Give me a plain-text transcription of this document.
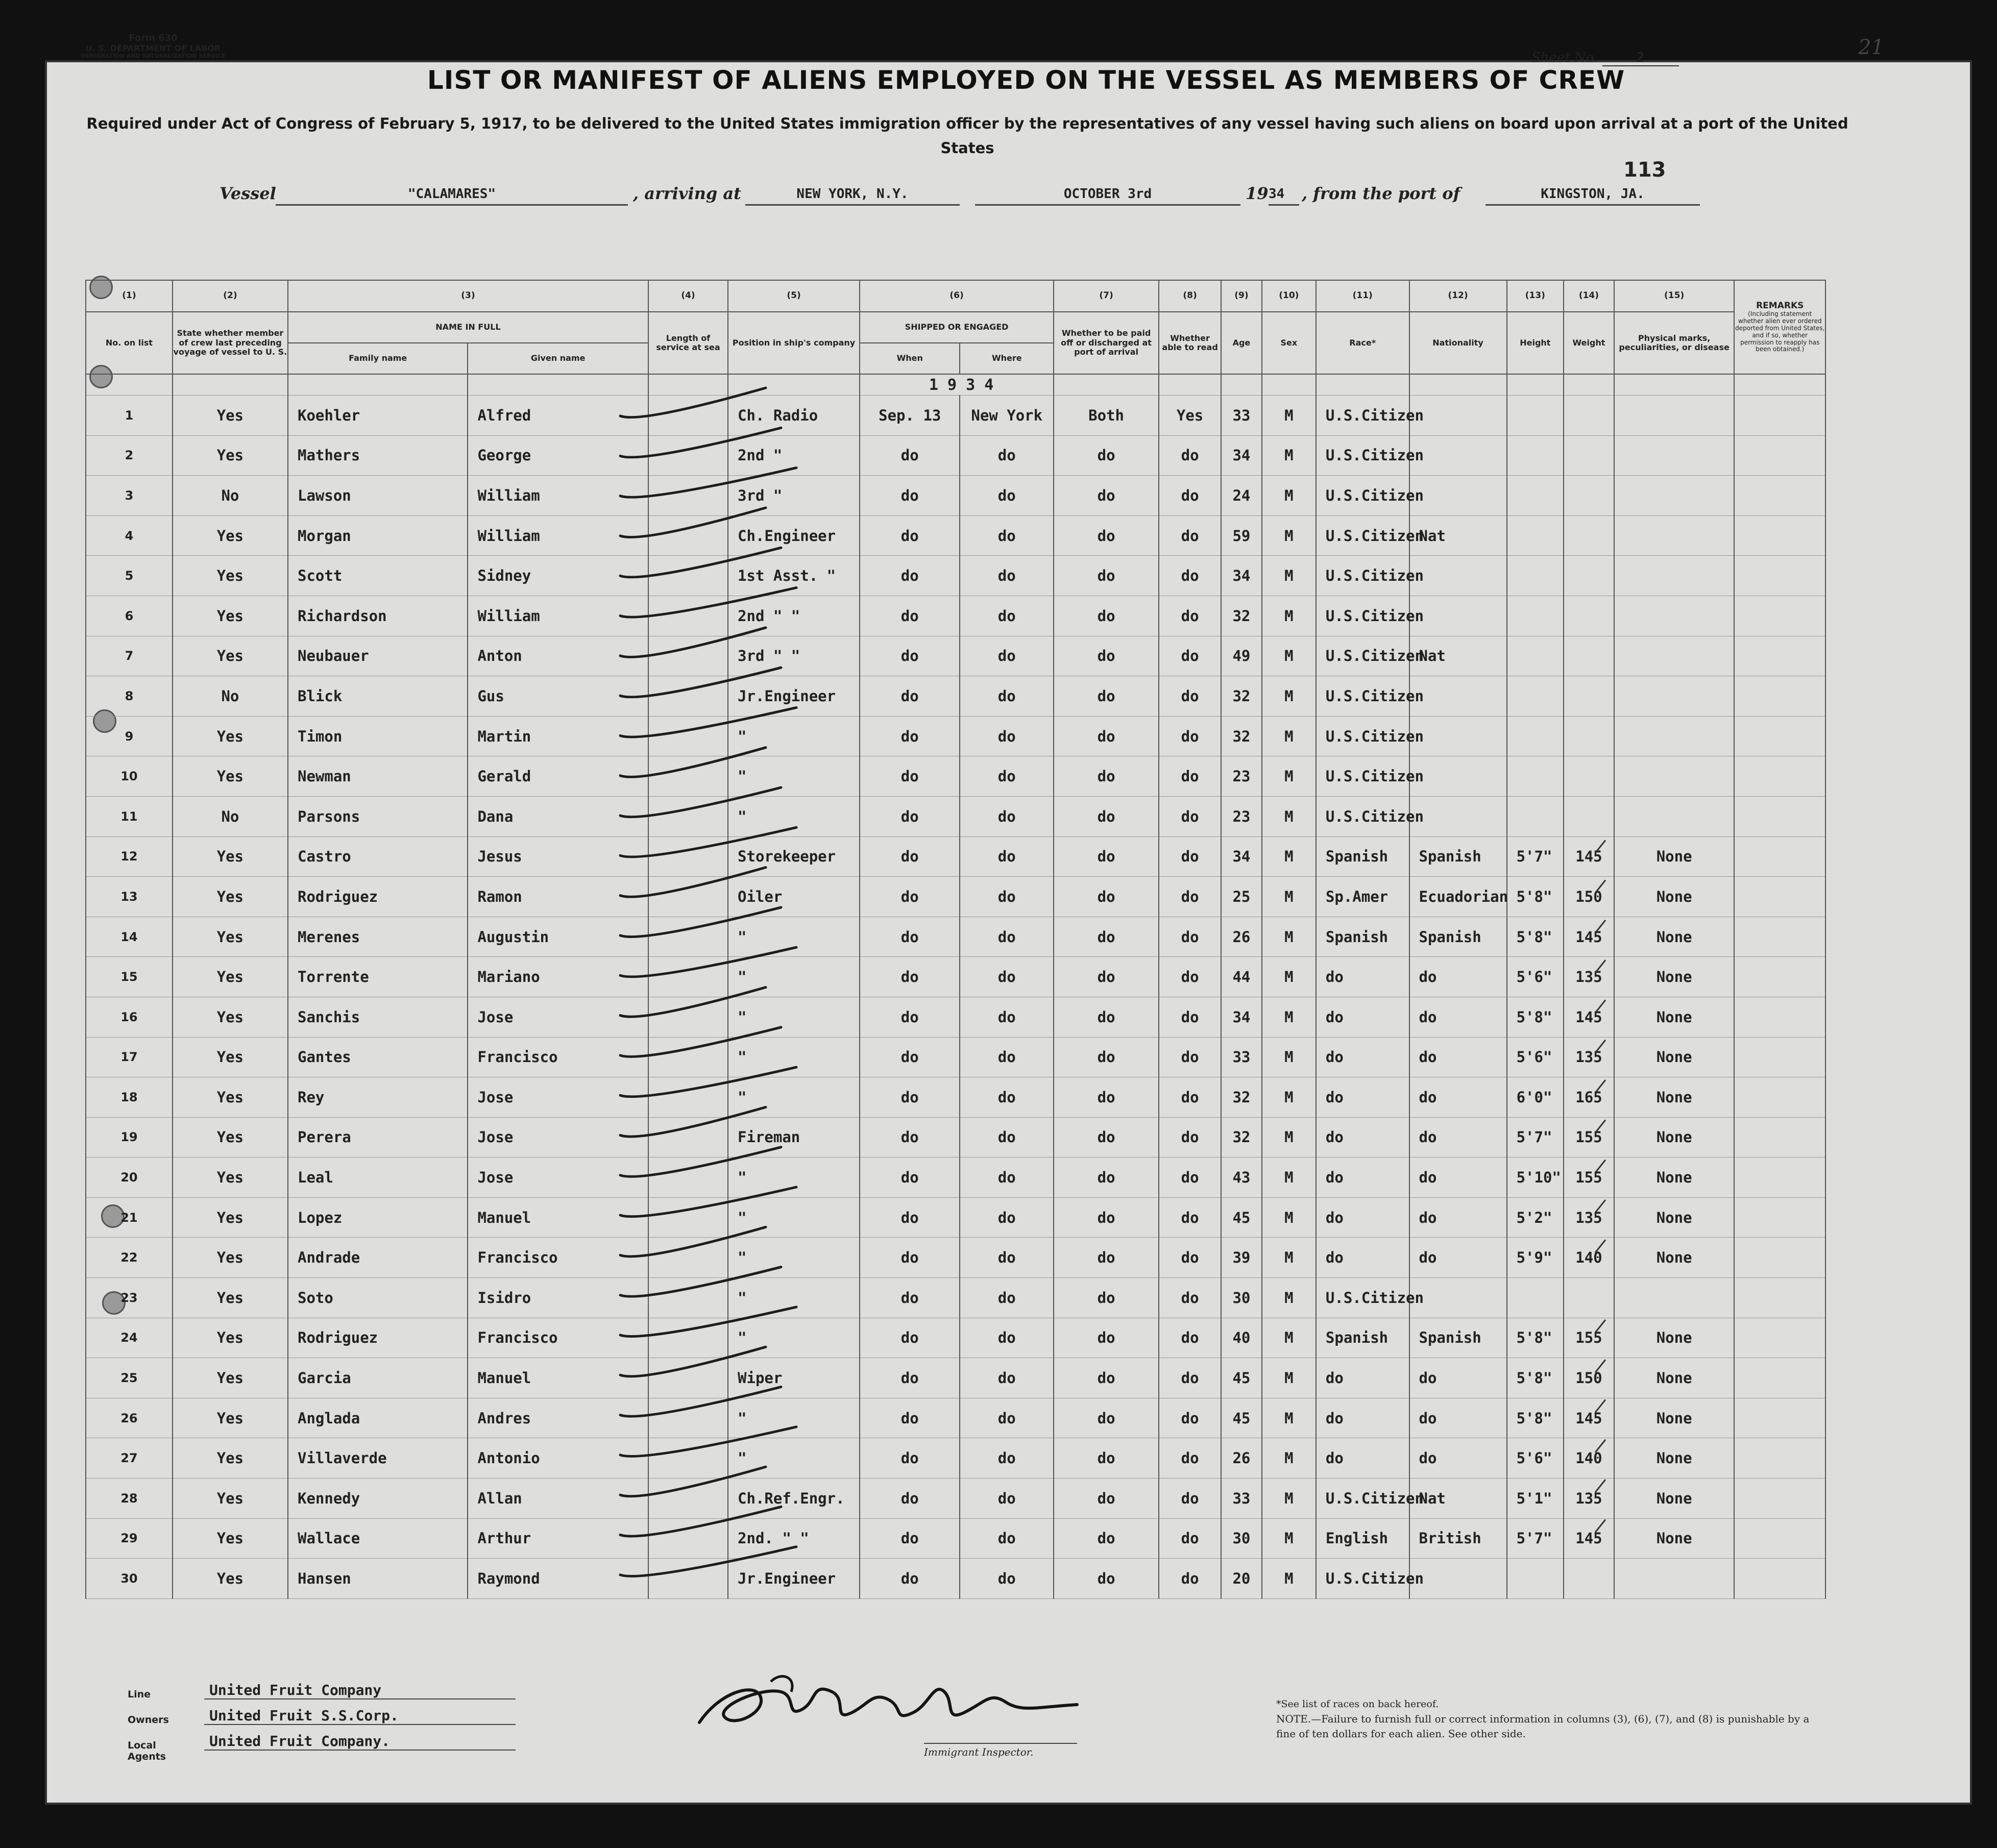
Form 630
U. S. DEPARTMENT OF LABOR
IMMIGRATION AND NATURALIZATION SERVICE	Sheet No.	2	21
LIST OR MANIFEST OF ALIENS EMPLOYED ON THE VESSEL AS MEMBERS OF CREW
Required under Act of Congress of February 5, 1917, to be delivered to the United States immigration officer by the representatives of any vessel having such aliens on board upon arrival at a port of the United States
113
Vessel	"CALAMARES"	, arriving at	NEW YORK, N.Y.	OCTOBER 3rd	19 34	, from the port of	KINGSTON, JA.
(1)	(2)	(3)		(4)	(5)	(6)		(7)	(8)	(9)	(10)	(11)	(12)	(13)	(14)	(15)	REMARKS
(Including statement whether alien ever ordered deported from United States, and if so, whether permission to reapply has been obtained.)

No. on list	State whether member of crew last preceding voyage of vessel to U. S.	NAME IN FULL		Length of service at sea	Position in ship's company	SHIPPED OR ENGAGED		Whether to be paid off or discharged at port of arrival	Whether able to read	Age	Sex	Race*	Nationality	Height	Weight	Physical marks, peculiarities, or disease	
		Family name	Given name			When	Where										
						1 9 3 4											
1	Yes	Koehler	Alfred		Ch. Radio	Sep. 13	New York	Both	Yes	33	M	U.S.Citizen					
2	Yes	Mathers	George		2nd "	do	do	do	do	34	M	U.S.Citizen					
3	No	Lawson	William		3rd "	do	do	do	do	24	M	U.S.Citizen					
4	Yes	Morgan	William		Ch.Engineer	do	do	do	do	59	M	U.S.Citizen	Nat				
5	Yes	Scott	Sidney		1st Asst. "	do	do	do	do	34	M	U.S.Citizen					
6	Yes	Richardson	William		2nd " "	do	do	do	do	32	M	U.S.Citizen					
7	Yes	Neubauer	Anton		3rd " "	do	do	do	do	49	M	U.S.Citizen	Nat				
8	No	Blick	Gus		Jr.Engineer	do	do	do	do	32	M	U.S.Citizen					
9	Yes	Timon	Martin		"	do	do	do	do	32	M	U.S.Citizen					
10	Yes	Newman	Gerald		"	do	do	do	do	23	M	U.S.Citizen					
11	No	Parsons	Dana		"	do	do	do	do	23	M	U.S.Citizen					
12	Yes	Castro	Jesus		Storekeeper	do	do	do	do	34	M	Spanish	Spanish	5'7"	145	None	
13	Yes	Rodriguez	Ramon		Oiler	do	do	do	do	25	M	Sp.Amer	Ecuadorian	5'8"	150	None	
14	Yes	Merenes	Augustin		"	do	do	do	do	26	M	Spanish	Spanish	5'8"	145	None	
15	Yes	Torrente	Mariano		"	do	do	do	do	44	M	do	do	5'6"	135	None	
16	Yes	Sanchis	Jose		"	do	do	do	do	34	M	do	do	5'8"	145	None	
17	Yes	Gantes	Francisco		"	do	do	do	do	33	M	do	do	5'6"	135	None	
18	Yes	Rey	Jose		"	do	do	do	do	32	M	do	do	6'0"	165	None	
19	Yes	Perera	Jose		Fireman	do	do	do	do	32	M	do	do	5'7"	155	None	
20	Yes	Leal	Jose		"	do	do	do	do	43	M	do	do	5'10"	155	None	
21	Yes	Lopez	Manuel		"	do	do	do	do	45	M	do	do	5'2"	135	None	
22	Yes	Andrade	Francisco		"	do	do	do	do	39	M	do	do	5'9"	140	None	
23	Yes	Soto	Isidro		"	do	do	do	do	30	M	U.S.Citizen					
24	Yes	Rodriguez	Francisco		"	do	do	do	do	40	M	Spanish	Spanish	5'8"	155	None	
25	Yes	Garcia	Manuel		Wiper	do	do	do	do	45	M	do	do	5'8"	150	None	
26	Yes	Anglada	Andres		"	do	do	do	do	45	M	do	do	5'8"	145	None	
27	Yes	Villaverde	Antonio		"	do	do	do	do	26	M	do	do	5'6"	140	None	
28	Yes	Kennedy	Allan		Ch.Ref.Engr.	do	do	do	do	33	M	U.S.Citizen	Nat	5'1"	135	None	
29	Yes	Wallace	Arthur		2nd. " "	do	do	do	do	30	M	English	British	5'7"	145	None	
30	Yes	Hansen	Raymond		Jr.Engineer	do	do	do	do	20	M	U.S.Citizen					
Line	United Fruit Company
Owners	United Fruit S.S.Corp.
Local Agents
United Fruit Company.
Immigrant Inspector.
*See list of races on back hereof.
NOTE.—Failure to furnish full or correct information in columns (3), (6), (7), and (8) is punishable by a fine of ten dollars for each alien. See other side.
